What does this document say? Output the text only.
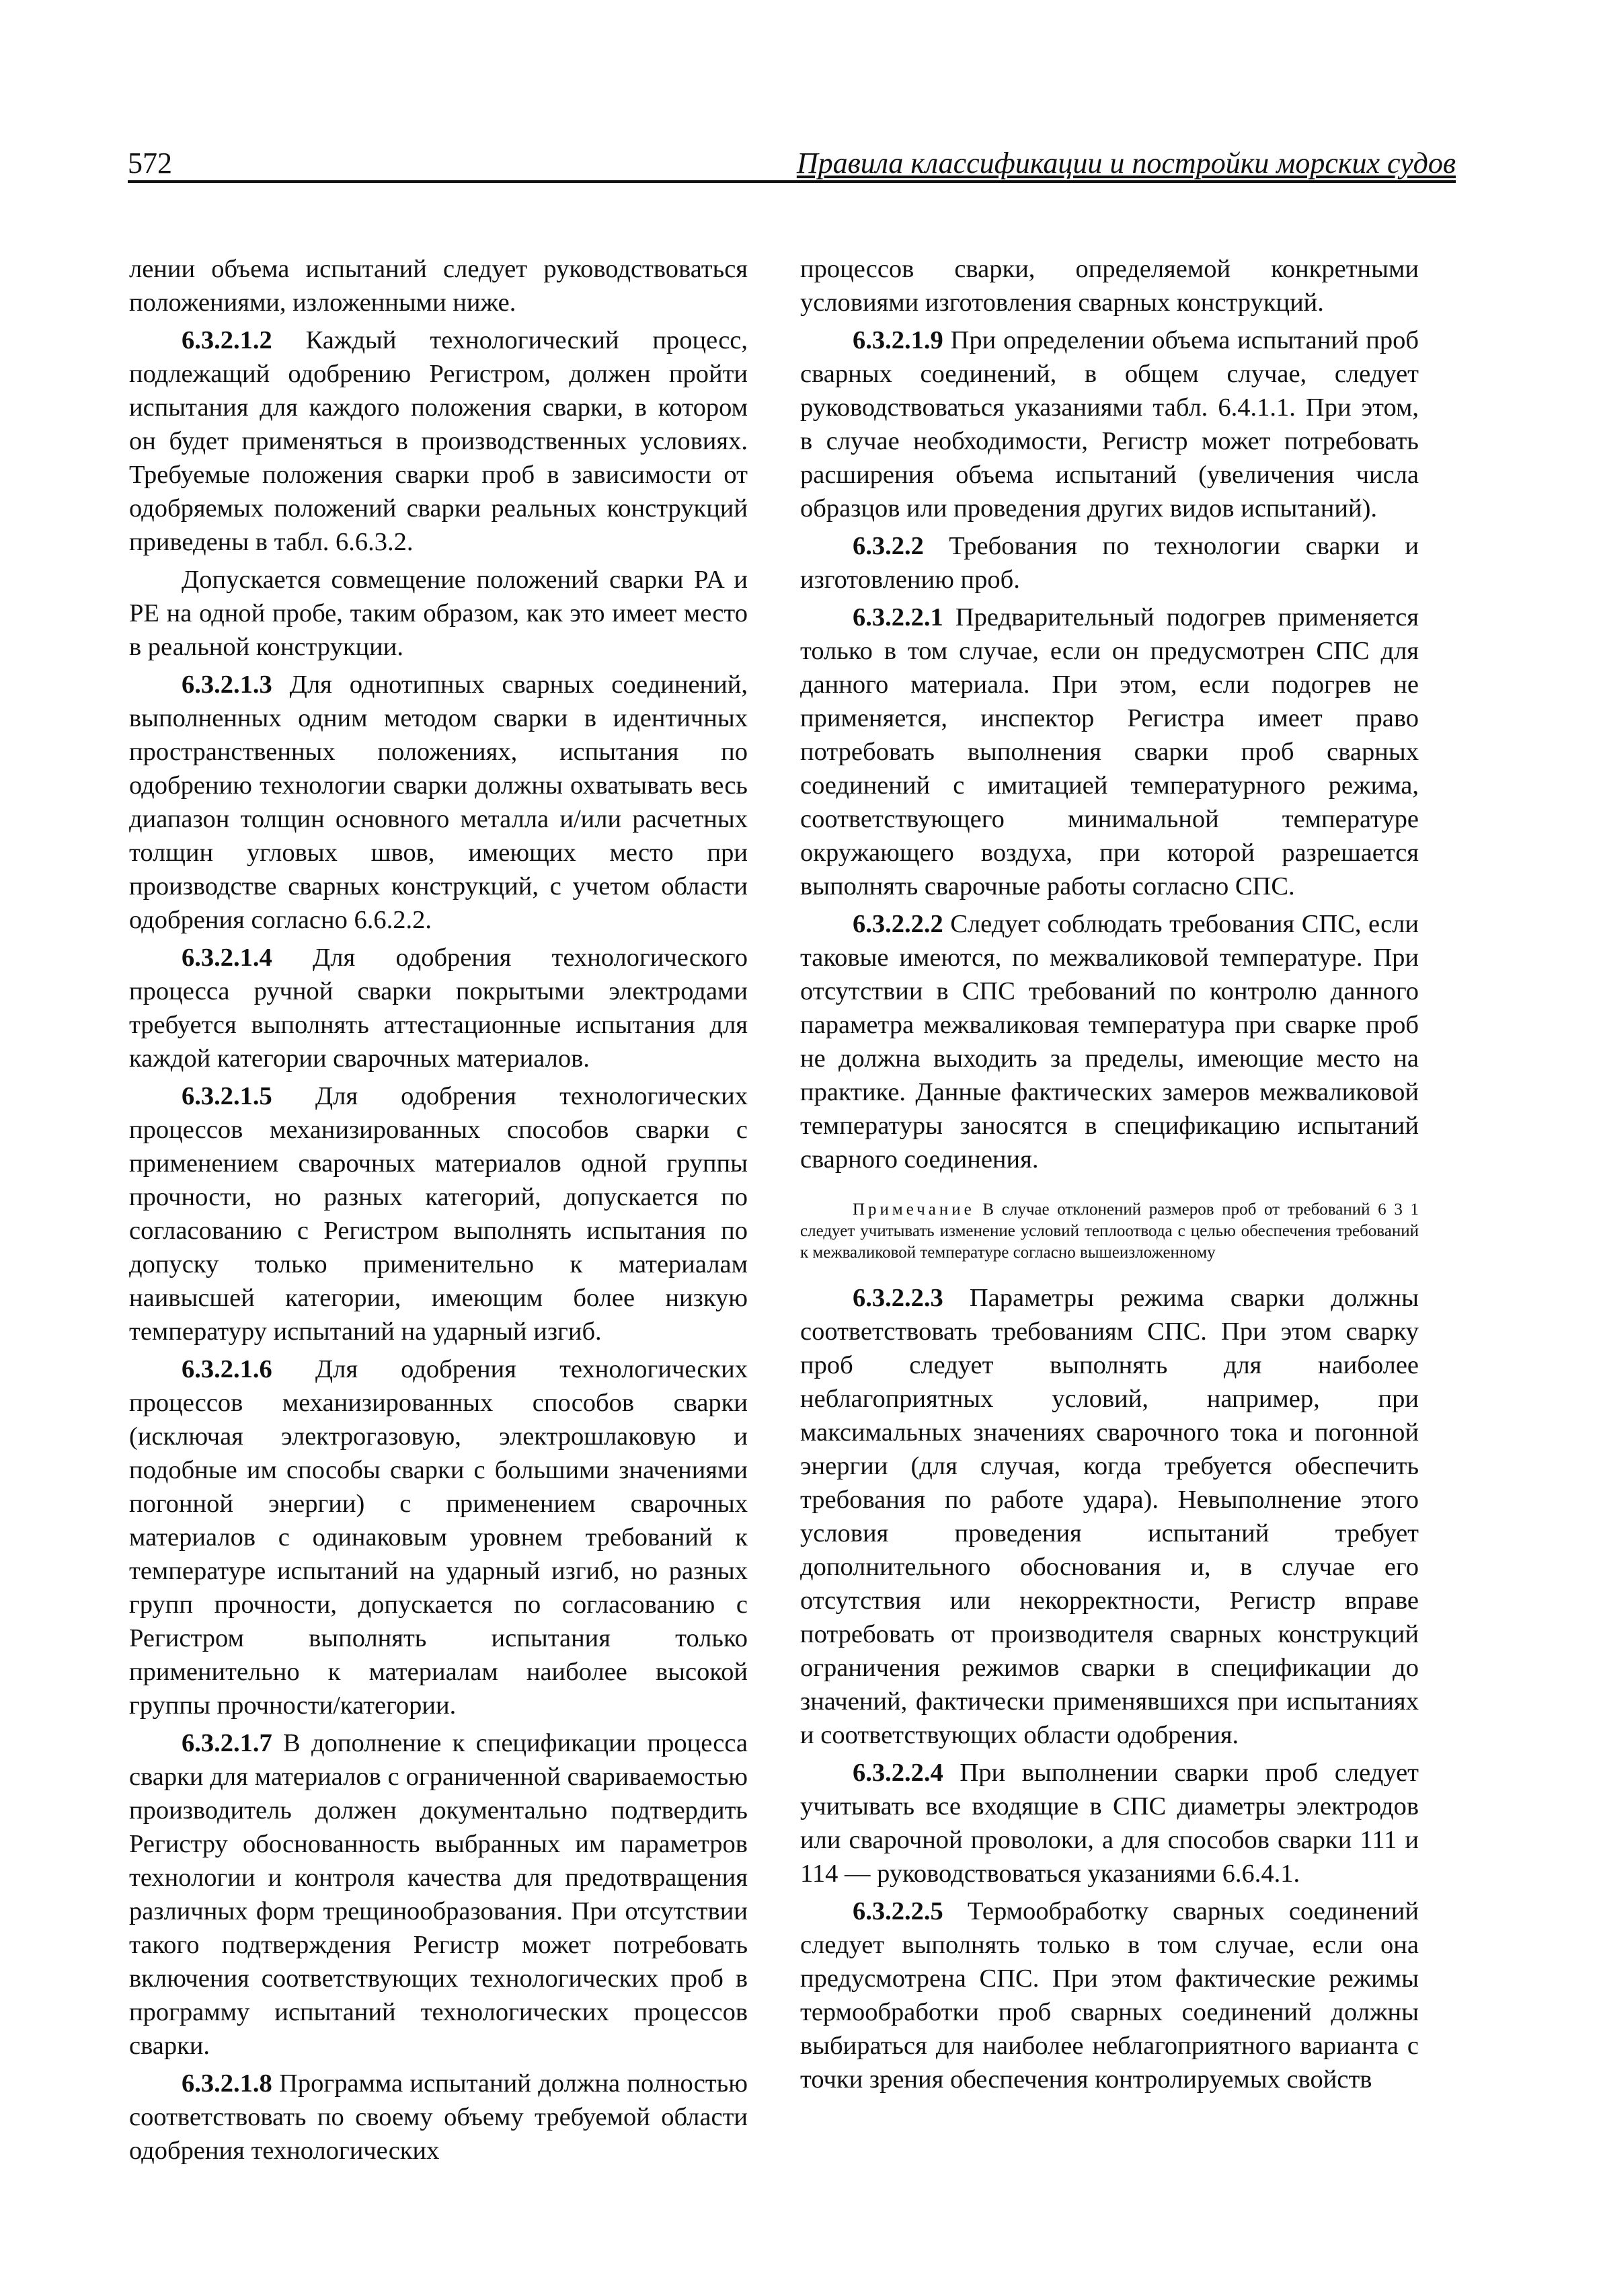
572	Правила классификации и постройки морских судов

лении объема испытаний следует руководствоваться положениями, изложенными ниже.

6.3.2.1.2 Каждый технологический процесс, подлежащий одобрению Регистром, должен пройти испытания для каждого положения сварки, в котором он будет применяться в производственных условиях. Требуемые положения сварки проб в зависимости от одобряемых положений сварки реальных конструкций приведены в табл. 6.6.3.2.

Допускается совмещение положений сварки PA и PE на одной пробе, таким образом, как это имеет место в реальной конструкции.

6.3.2.1.3 Для однотипных сварных соединений, выполненных одним методом сварки в идентичных пространственных положениях, испытания по одобрению технологии сварки должны охватывать весь диапазон толщин основного металла и/или расчетных толщин угловых швов, имеющих место при производстве сварных конструкций, с учетом области одобрения согласно 6.6.2.2.

6.3.2.1.4 Для одобрения технологического процесса ручной сварки покрытыми электродами требуется выполнять аттестационные испытания для каждой категории сварочных материалов.

6.3.2.1.5 Для одобрения технологических процессов механизированных способов сварки с применением сварочных материалов одной группы прочности, но разных категорий, допускается по согласованию с Регистром выполнять испытания по допуску только применительно к материалам наивысшей категории, имеющим более низкую температуру испытаний на ударный изгиб.

6.3.2.1.6 Для одобрения технологических процессов механизированных способов сварки (исключая электрогазовую, электрошлаковую и подобные им способы сварки с большими значениями погонной энергии) с применением сварочных материалов с одинаковым уровнем требований к температуре испытаний на ударный изгиб, но разных групп прочности, допускается по согласованию с Регистром выполнять испытания только применительно к материалам наиболее высокой группы прочности/категории.

6.3.2.1.7 В дополнение к спецификации процесса сварки для материалов с ограниченной свариваемостью производитель должен документально подтвердить Регистру обоснованность выбранных им параметров технологии и контроля качества для предотвращения различных форм трещинообразования. При отсутствии такого подтверждения Регистр может потребовать включения соответствующих технологических проб в программу испытаний технологических процессов сварки.

6.3.2.1.8 Программа испытаний должна полностью соответствовать по своему объему требуемой области одобрения технологических

процессов сварки, определяемой конкретными условиями изготовления сварных конструкций.

6.3.2.1.9 При определении объема испытаний проб сварных соединений, в общем случае, следует руководствоваться указаниями табл. 6.4.1.1. При этом, в случае необходимости, Регистр может потребовать расширения объема испытаний (увеличения числа образцов или проведения других видов испытаний).

6.3.2.2 Требования по технологии сварки и изготовлению проб.

6.3.2.2.1 Предварительный подогрев применяется только в том случае, если он предусмотрен СПС для данного материала. При этом, если подогрев не применяется, инспектор Регистра имеет право потребовать выполнения сварки проб сварных соединений с имитацией температурного режима, соответствующего минимальной температуре окружающего воздуха, при которой разрешается выполнять сварочные работы согласно СПС.

6.3.2.2.2 Следует соблюдать требования СПС, если таковые имеются, по межваликовой температуре. При отсутствии в СПС требований по контролю данного параметра межваликовая температура при сварке проб не должна выходить за пределы, имеющие место на практике. Данные фактических замеров межваликовой температуры заносятся в спецификацию испытаний сварного соединения.

Примечание В случае отклонений размеров проб от требований 6 3 1 следует учитывать изменение условий теплоотвода с целью обеспечения требований к межваликовой температуре согласно вышеизложенному

6.3.2.2.3 Параметры режима сварки должны соответствовать требованиям СПС. При этом сварку проб следует выполнять для наиболее неблагоприятных условий, например, при максимальных значениях сварочного тока и погонной энергии (для случая, когда требуется обеспечить требования по работе удара). Невыполнение этого условия проведения испытаний требует дополнительного обоснования и, в случае его отсутствия или некорректности, Регистр вправе потребовать от производителя сварных конструкций ограничения режимов сварки в спецификации до значений, фактически применявшихся при испытаниях и соответствующих области одобрения.

6.3.2.2.4 При выполнении сварки проб следует учитывать все входящие в СПС диаметры электродов или сварочной проволоки, а для способов сварки 111 и 114 — руководствоваться указаниями 6.6.4.1.

6.3.2.2.5 Термообработку сварных соединений следует выполнять только в том случае, если она предусмотрена СПС. При этом фактические режимы термообработки проб сварных соединений должны выбираться для наиболее неблагоприятного варианта с точки зрения обеспечения контролируемых свойств
